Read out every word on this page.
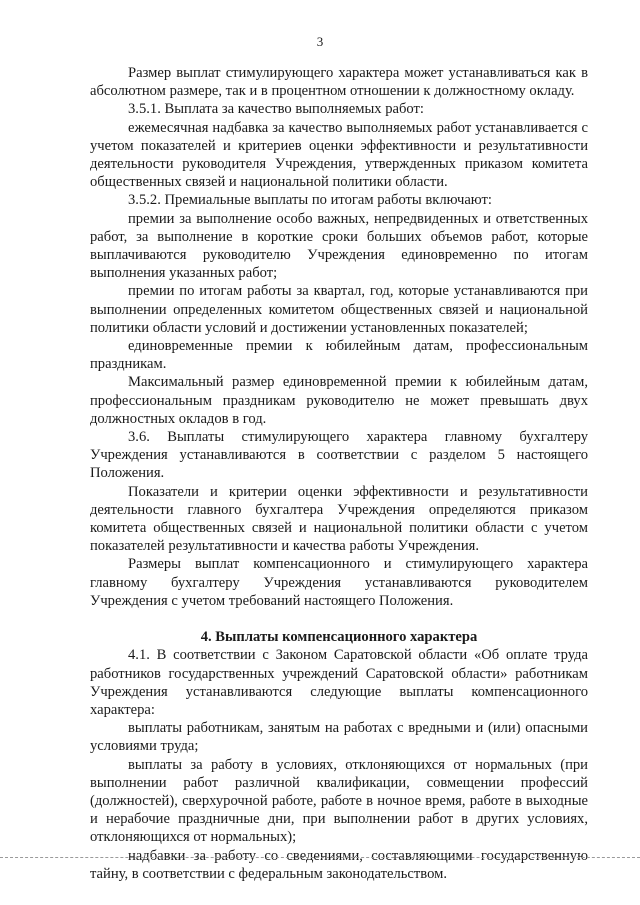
3

Размер выплат стимулирующего характера может устанавливаться как в абсолютном размере, так и в процентном отношении к должностному окладу.

3.5.1. Выплата за качество выполняемых работ:

ежемесячная надбавка за качество выполняемых работ устанавливается с учетом показателей и критериев оценки эффективности и результативности деятельности руководителя Учреждения, утвержденных приказом комитета общественных связей и национальной политики области.

3.5.2. Премиальные выплаты по итогам работы включают:

премии за выполнение особо важных, непредвиденных и ответственных работ, за выполнение в короткие сроки больших объемов работ, которые выплачиваются руководителю Учреждения единовременно по итогам выполнения указанных работ;

премии по итогам работы за квартал, год, которые устанавливаются при выполнении определенных комитетом общественных связей и национальной политики области условий и достижении установленных показателей;

единовременные премии к юбилейным датам, профессиональным праздникам.

Максимальный размер единовременной премии к юбилейным датам, профессиональным праздникам руководителю не может превышать двух должностных окладов в год.

3.6. Выплаты стимулирующего характера главному бухгалтеру Учреждения устанавливаются в соответствии с разделом 5 настоящего Положения.

Показатели и критерии оценки эффективности и результативности деятельности главного бухгалтера Учреждения определяются приказом комитета общественных связей и национальной политики области с учетом показателей результативности и качества работы Учреждения.

Размеры выплат компенсационного и стимулирующего характера главному бухгалтеру Учреждения устанавливаются руководителем Учреждения с учетом требований настоящего Положения.

4. Выплаты компенсационного характера

4.1. В соответствии с Законом Саратовской области «Об оплате труда работников государственных учреждений Саратовской области» работникам Учреждения устанавливаются следующие выплаты компенсационного характера:

выплаты работникам, занятым на работах с вредными и (или) опасными условиями труда;

выплаты за работу в условиях, отклоняющихся от нормальных (при выполнении работ различной квалификации, совмещении профессий (должностей), сверхурочной работе, работе в ночное время, работе в выходные и нерабочие праздничные дни, при выполнении работ в других условиях, отклоняющихся от нормальных);

надбавки за работу со сведениями, составляющими государственную тайну, в соответствии с федеральным законодательством.
